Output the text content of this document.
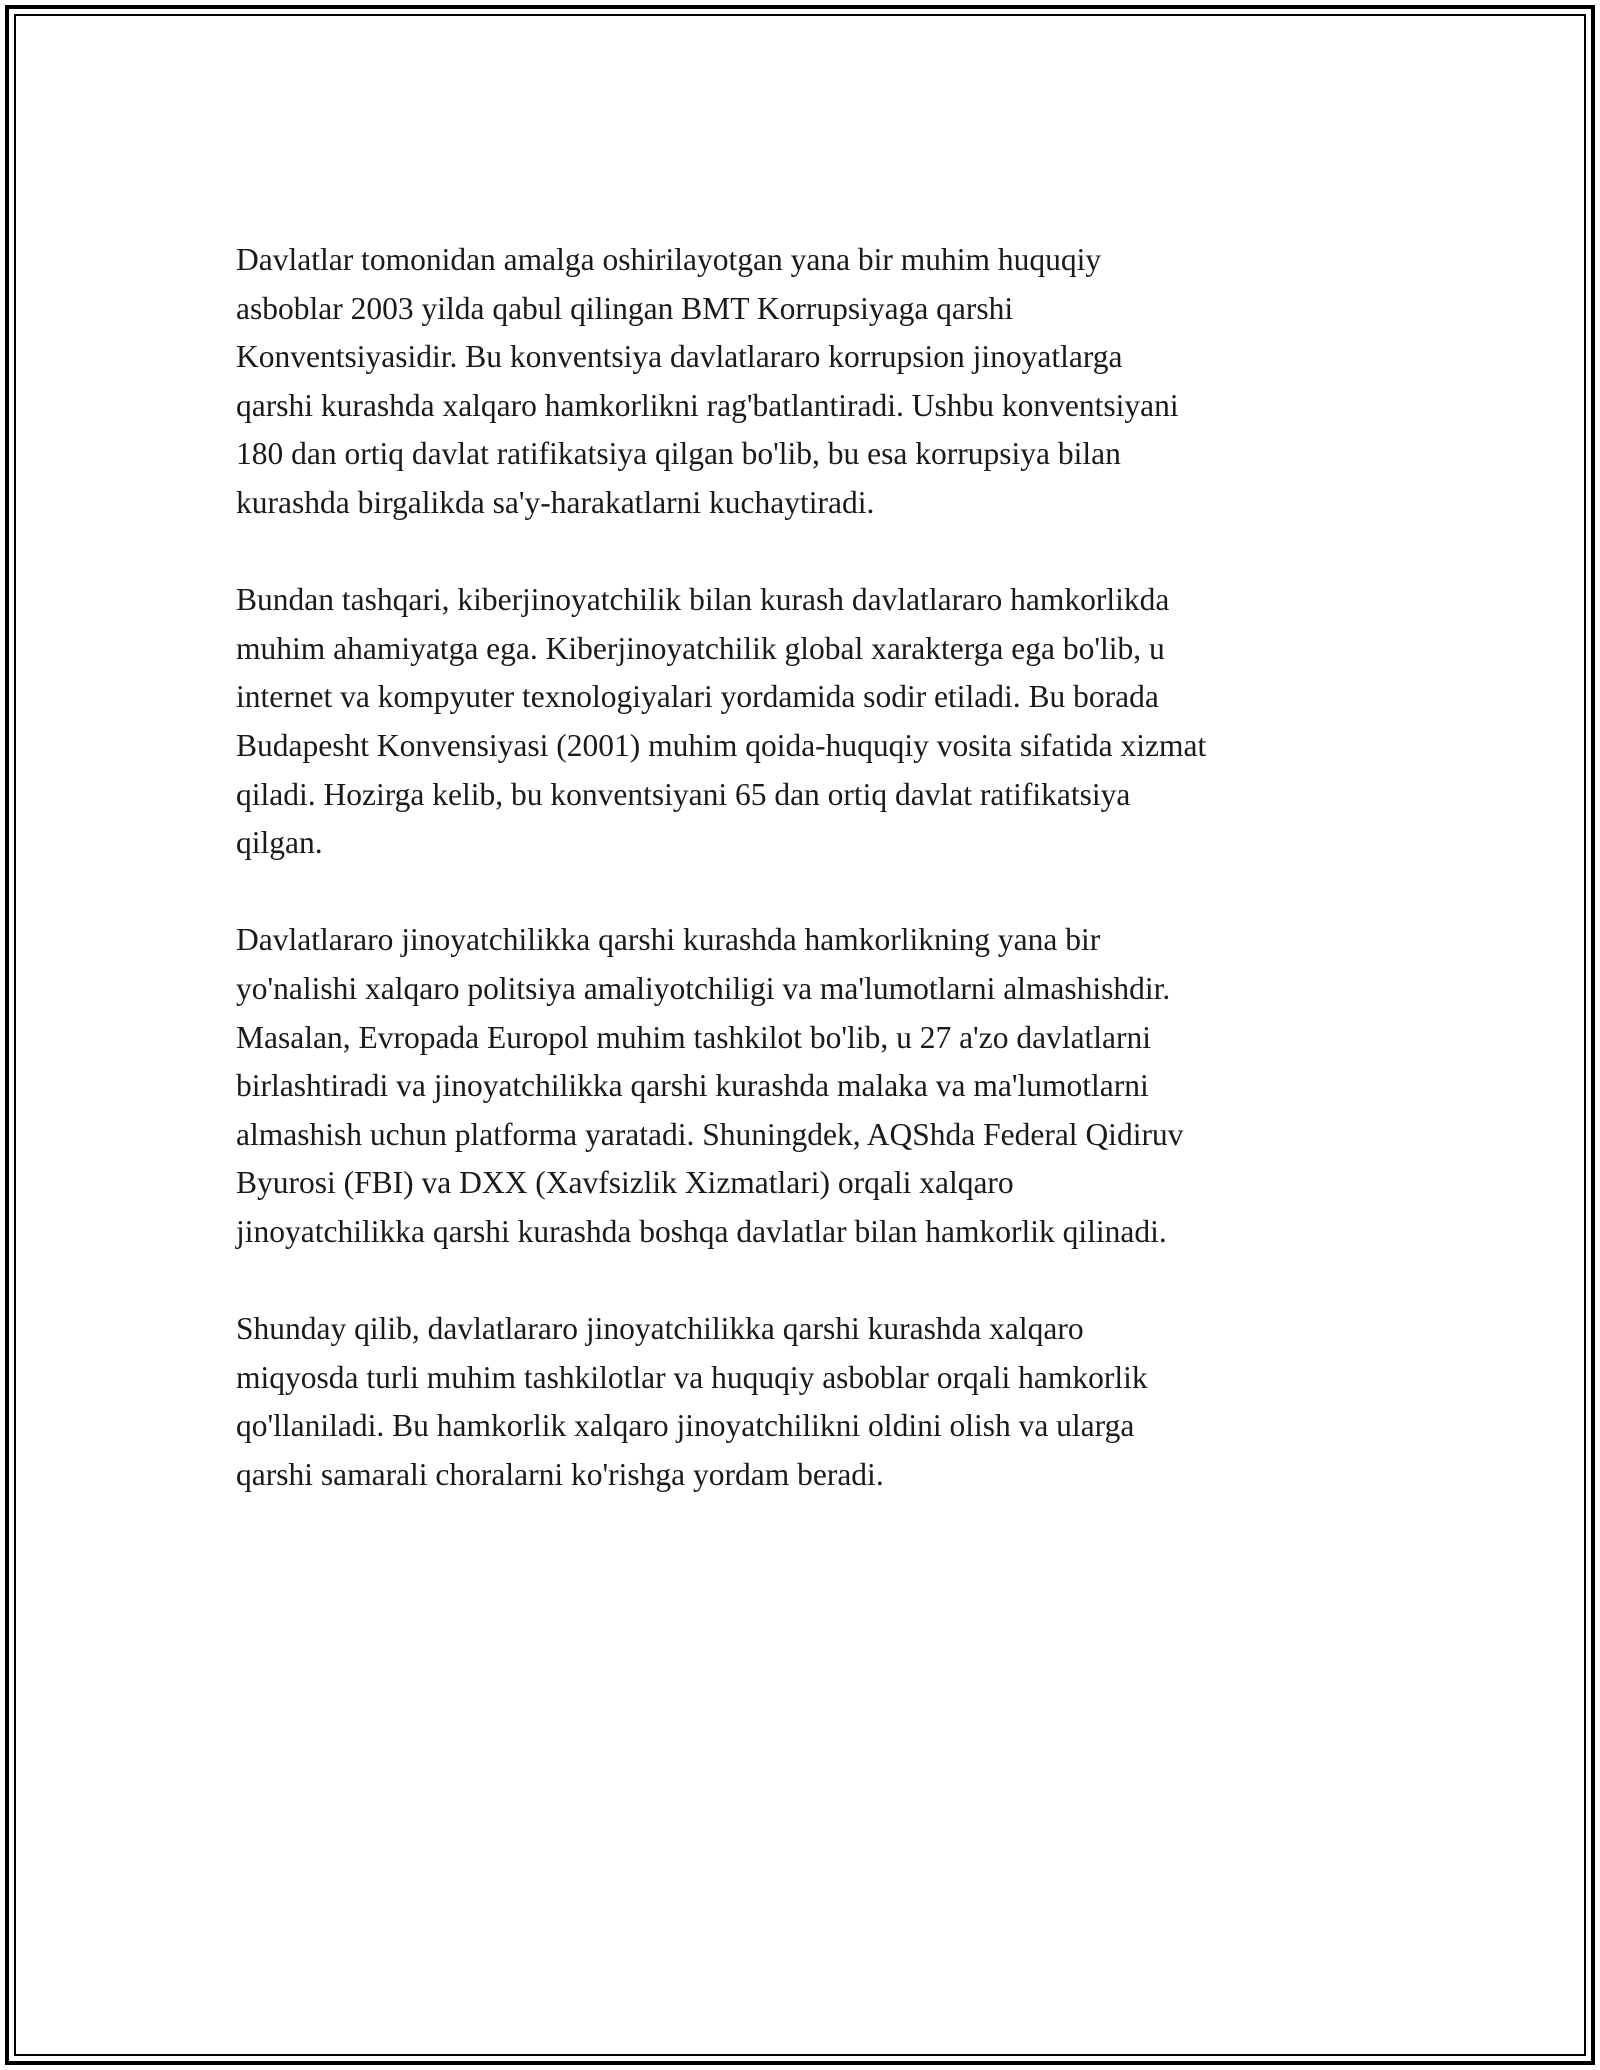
Davlatlar tomonidan amalga oshirilayotgan yana bir muhim huquqiy
asboblar 2003 yilda qabul qilingan BMT Korrupsiyaga qarshi
Konventsiyasidir. Bu konventsiya davlatlararo korrupsion jinoyatlarga
qarshi kurashda xalqaro hamkorlikni rag'batlantiradi. Ushbu konventsiyani
180 dan ortiq davlat ratifikatsiya qilgan bo'lib, bu esa korrupsiya bilan
kurashda birgalikda sa'y-harakatlarni kuchaytiradi.

Bundan tashqari, kiberjinoyatchilik bilan kurash davlatlararo hamkorlikda
muhim ahamiyatga ega. Kiberjinoyatchilik global xarakterga ega bo'lib, u
internet va kompyuter texnologiyalari yordamida sodir etiladi. Bu borada
Budapesht Konvensiyasi (2001) muhim qoida-huquqiy vosita sifatida xizmat
qiladi. Hozirga kelib, bu konventsiyani 65 dan ortiq davlat ratifikatsiya
qilgan.

Davlatlararo jinoyatchilikka qarshi kurashda hamkorlikning yana bir
yo'nalishi xalqaro politsiya amaliyotchiligi va ma'lumotlarni almashishdir.
Masalan, Evropada Europol muhim tashkilot bo'lib, u 27 a'zo davlatlarni
birlashtiradi va jinoyatchilikka qarshi kurashda malaka va ma'lumotlarni
almashish uchun platforma yaratadi. Shuningdek, AQShda Federal Qidiruv
Byurosi (FBI) va DXX (Xavfsizlik Xizmatlari) orqali xalqaro
jinoyatchilikka qarshi kurashda boshqa davlatlar bilan hamkorlik qilinadi.

Shunday qilib, davlatlararo jinoyatchilikka qarshi kurashda xalqaro
miqyosda turli muhim tashkilotlar va huquqiy asboblar orqali hamkorlik
qo'llaniladi. Bu hamkorlik xalqaro jinoyatchilikni oldini olish va ularga
qarshi samarali choralarni ko'rishga yordam beradi.
